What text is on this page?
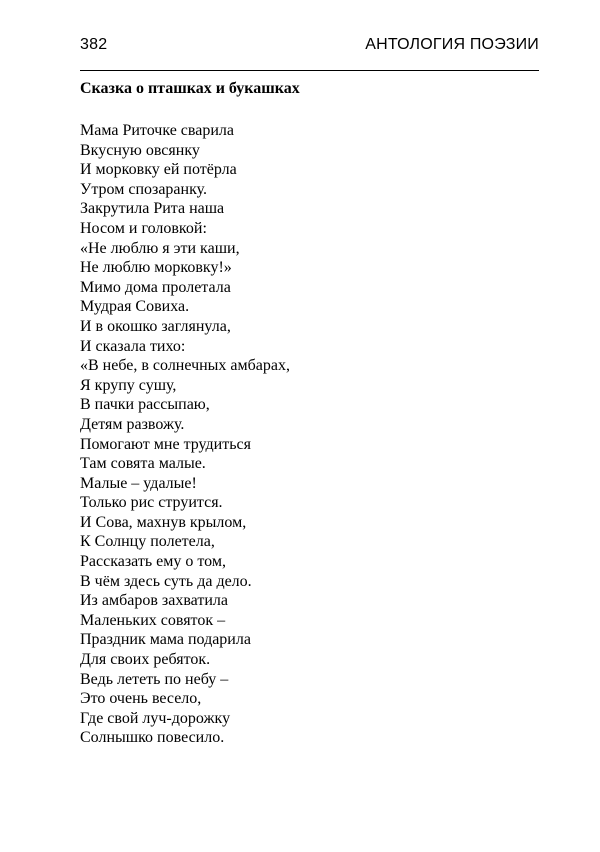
382	АНТОЛОГИЯ ПОЭЗИИ
Сказка о пташках и букашках
Мама Риточке сварила
Вкусную овсянку
И морковку ей потёрла
Утром спозаранку.
Закрутила Рита наша
Носом и головкой:
«Не люблю я эти каши,
Не люблю морковку!»
Мимо дома пролетала
Мудрая Совиха.
И в окошко заглянула,
И сказала тихо:
«В небе, в солнечных амбарах,
Я крупу сушу,
В пачки рассыпаю,
Детям развожу.
Помогают мне трудиться
Там совята малые.
Малые – удалые!
Только рис струится.
И Сова, махнув крылом,
К Солнцу полетела,
Рассказать ему о том,
В чём здесь суть да дело.
Из амбаров захватила
Маленьких совяток –
Праздник мама подарила
Для своих ребяток.
Ведь лететь по небу –
Это очень весело,
Где свой луч-дорожку
Солнышко повесило.
